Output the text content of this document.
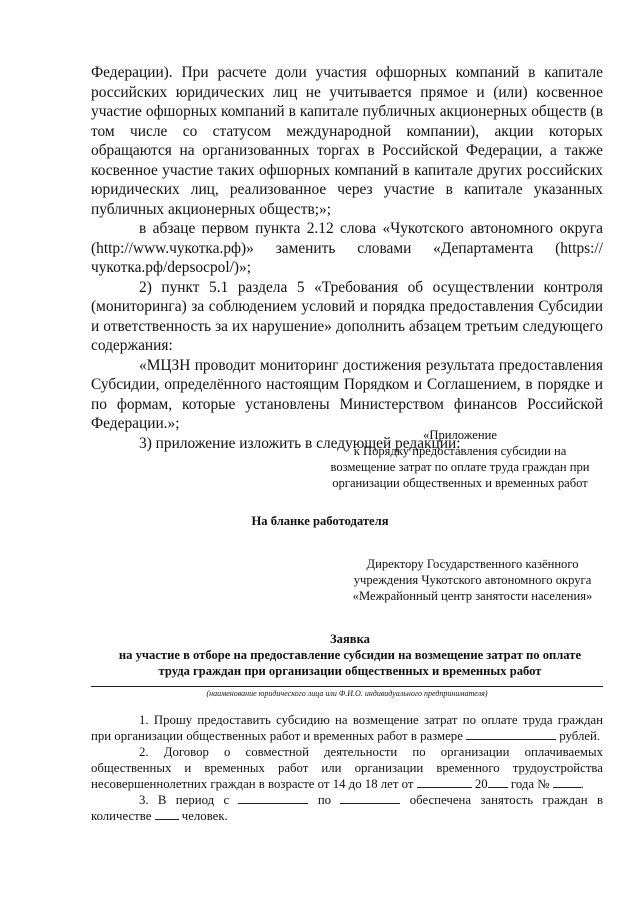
Федерации). При расчете доли участия офшорных компаний в капитале российских юридических лиц не учитывается прямое и (или) косвенное участие офшорных компаний в капитале публичных акционерных обществ (в том числе со статусом международной компании), акции которых обращаются на организованных торгах в Российской Федерации, а также косвенное участие таких офшорных компаний в капитале других российских юридических лиц, реализованное через участие в капитале указанных публичных акционерных обществ;»;

в абзаце первом пункта 2.12 слова «Чукотского автономного округа (http://www.чукотка.рф)» заменить словами «Департамента (https://чукотка.рф/depsocpol/)»;

2) пункт 5.1 раздела 5 «Требования об осуществлении контроля (мониторинга) за соблюдением условий и порядка предоставления Субсидии и ответственность за их нарушение» дополнить абзацем третьим следующего содержания:

«МЦЗН проводит мониторинг достижения результата предоставления Субсидии, определённого настоящим Порядком и Соглашением, в порядке и по формам, которые установлены Министерством финансов Российской Федерации.»;

3) приложение изложить в следующей редакции:

«Приложение
к Порядку предоставления субсидии на
возмещение затрат по оплате труда граждан при
организации общественных и временных работ
На бланке работодателя
Директору Государственного казённого
учреждения Чукотского автономного округа
«Межрайонный центр занятости населения»
Заявка
на участие в отборе на предоставление субсидии на возмещение затрат по оплате
труда граждан при организации общественных и временных работ
(наименование юридического лица или Ф.И.О. индивидуального предпринимателя)

1. Прошу предоставить субсидию на возмещение затрат по оплате труда граждан при организации общественных работ и временных работ в размере	рублей.

2. Договор о совместной деятельности по организации оплачиваемых общественных и временных работ или организации временного трудоустройства несовершеннолетних граждан в возрасте от 14 до 18 лет от	20 года № .

3. В период с	по	обеспечена занятость граждан в количестве человек.
